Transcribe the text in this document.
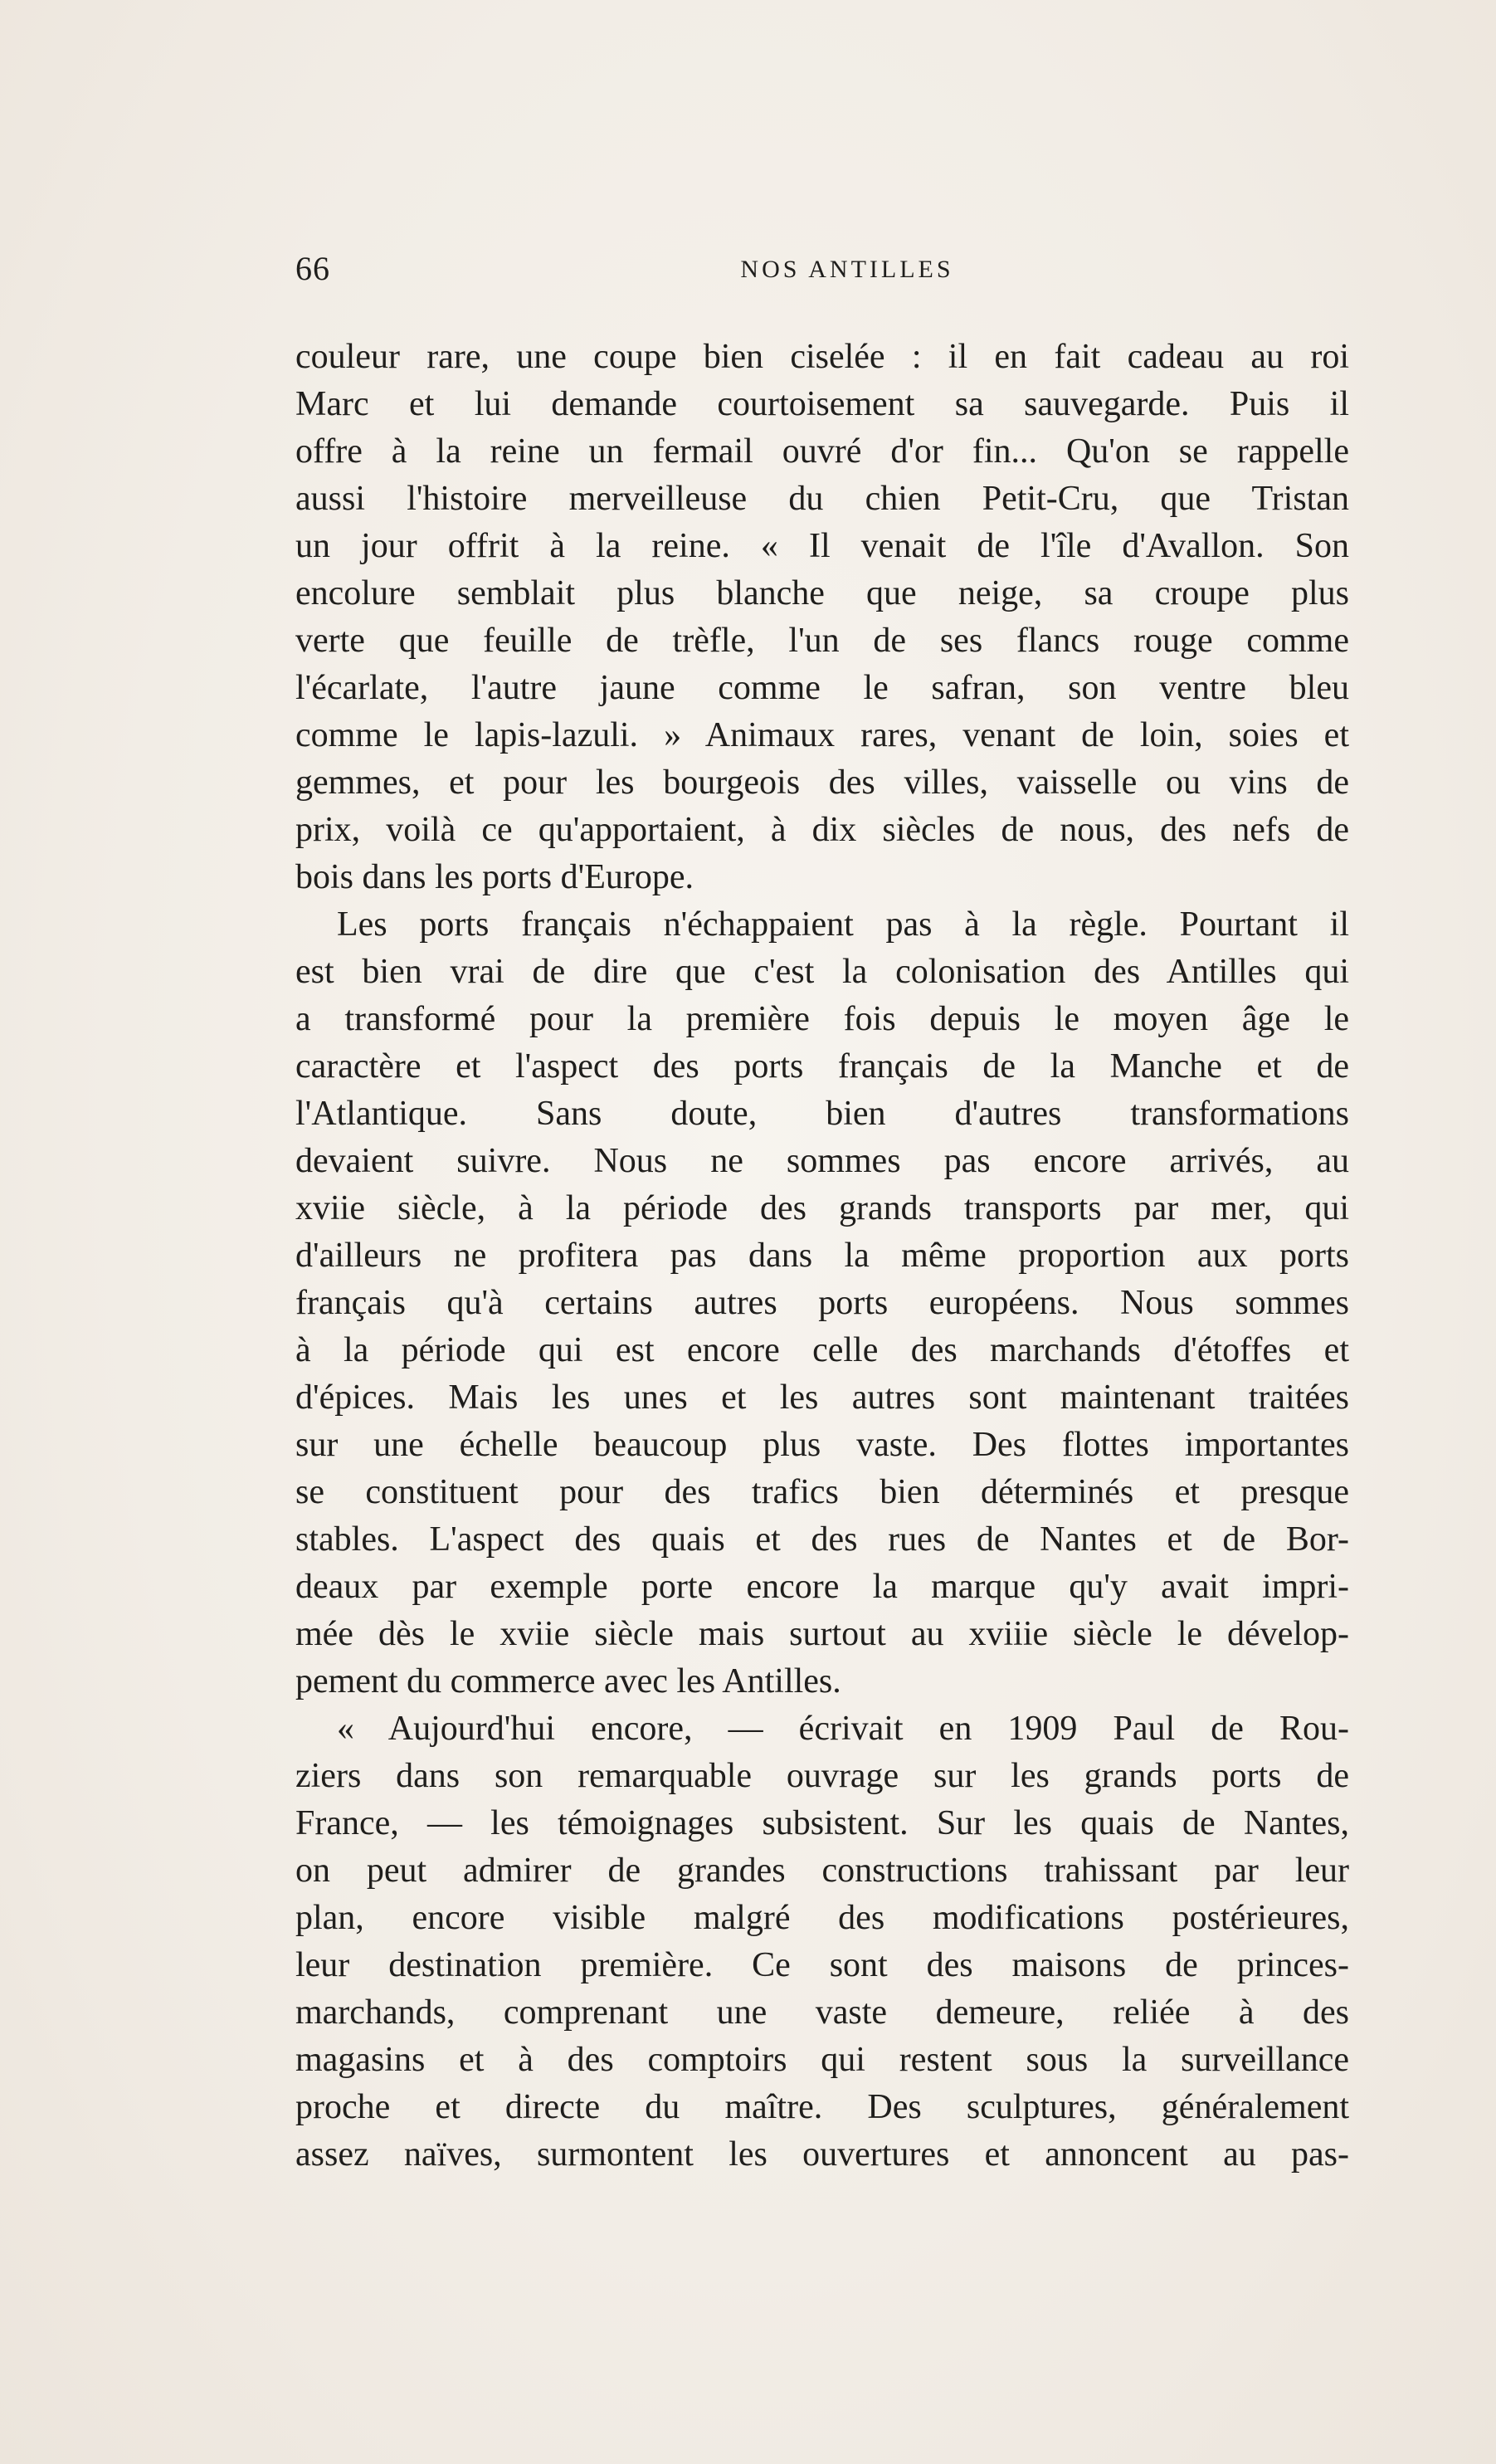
66	NOS ANTILLES
couleur rare, une coupe bien ciselée : il en fait cadeau au roi
Marc et lui demande courtoisement sa sauvegarde. Puis il
offre à la reine un fermail ouvré d'or fin... Qu'on se rappelle
aussi l'histoire merveilleuse du chien Petit-Cru, que Tristan
un jour offrit à la reine. « Il venait de l'île d'Avallon. Son
encolure semblait plus blanche que neige, sa croupe plus
verte que feuille de trèfle, l'un de ses flancs rouge comme
l'écarlate, l'autre jaune comme le safran, son ventre bleu
comme le lapis-lazuli. » Animaux rares, venant de loin, soies et
gemmes, et pour les bourgeois des villes, vaisselle ou vins de
prix, voilà ce qu'apportaient, à dix siècles de nous, des nefs de
bois dans les ports d'Europe.
Les ports français n'échappaient pas à la règle. Pourtant il
est bien vrai de dire que c'est la colonisation des Antilles qui
a transformé pour la première fois depuis le moyen âge le
caractère et l'aspect des ports français de la Manche et de
l'Atlantique. Sans doute, bien d'autres transformations
devaient suivre. Nous ne sommes pas encore arrivés, au
xviie siècle, à la période des grands transports par mer, qui
d'ailleurs ne profitera pas dans la même proportion aux ports
français qu'à certains autres ports européens. Nous sommes
à la période qui est encore celle des marchands d'étoffes et
d'épices. Mais les unes et les autres sont maintenant traitées
sur une échelle beaucoup plus vaste. Des flottes importantes
se constituent pour des trafics bien déterminés et presque
stables. L'aspect des quais et des rues de Nantes et de Bor-
deaux par exemple porte encore la marque qu'y avait impri-
mée dès le xviie siècle mais surtout au xviiie siècle le dévelop-
pement du commerce avec les Antilles.
« Aujourd'hui encore, — écrivait en 1909 Paul de Rou-
ziers dans son remarquable ouvrage sur les grands ports de
France, — les témoignages subsistent. Sur les quais de Nantes,
on peut admirer de grandes constructions trahissant par leur
plan, encore visible malgré des modifications postérieures,
leur destination première. Ce sont des maisons de princes-
marchands, comprenant une vaste demeure, reliée à des
magasins et à des comptoirs qui restent sous la surveillance
proche et directe du maître. Des sculptures, généralement
assez naïves, surmontent les ouvertures et annoncent au pas-
